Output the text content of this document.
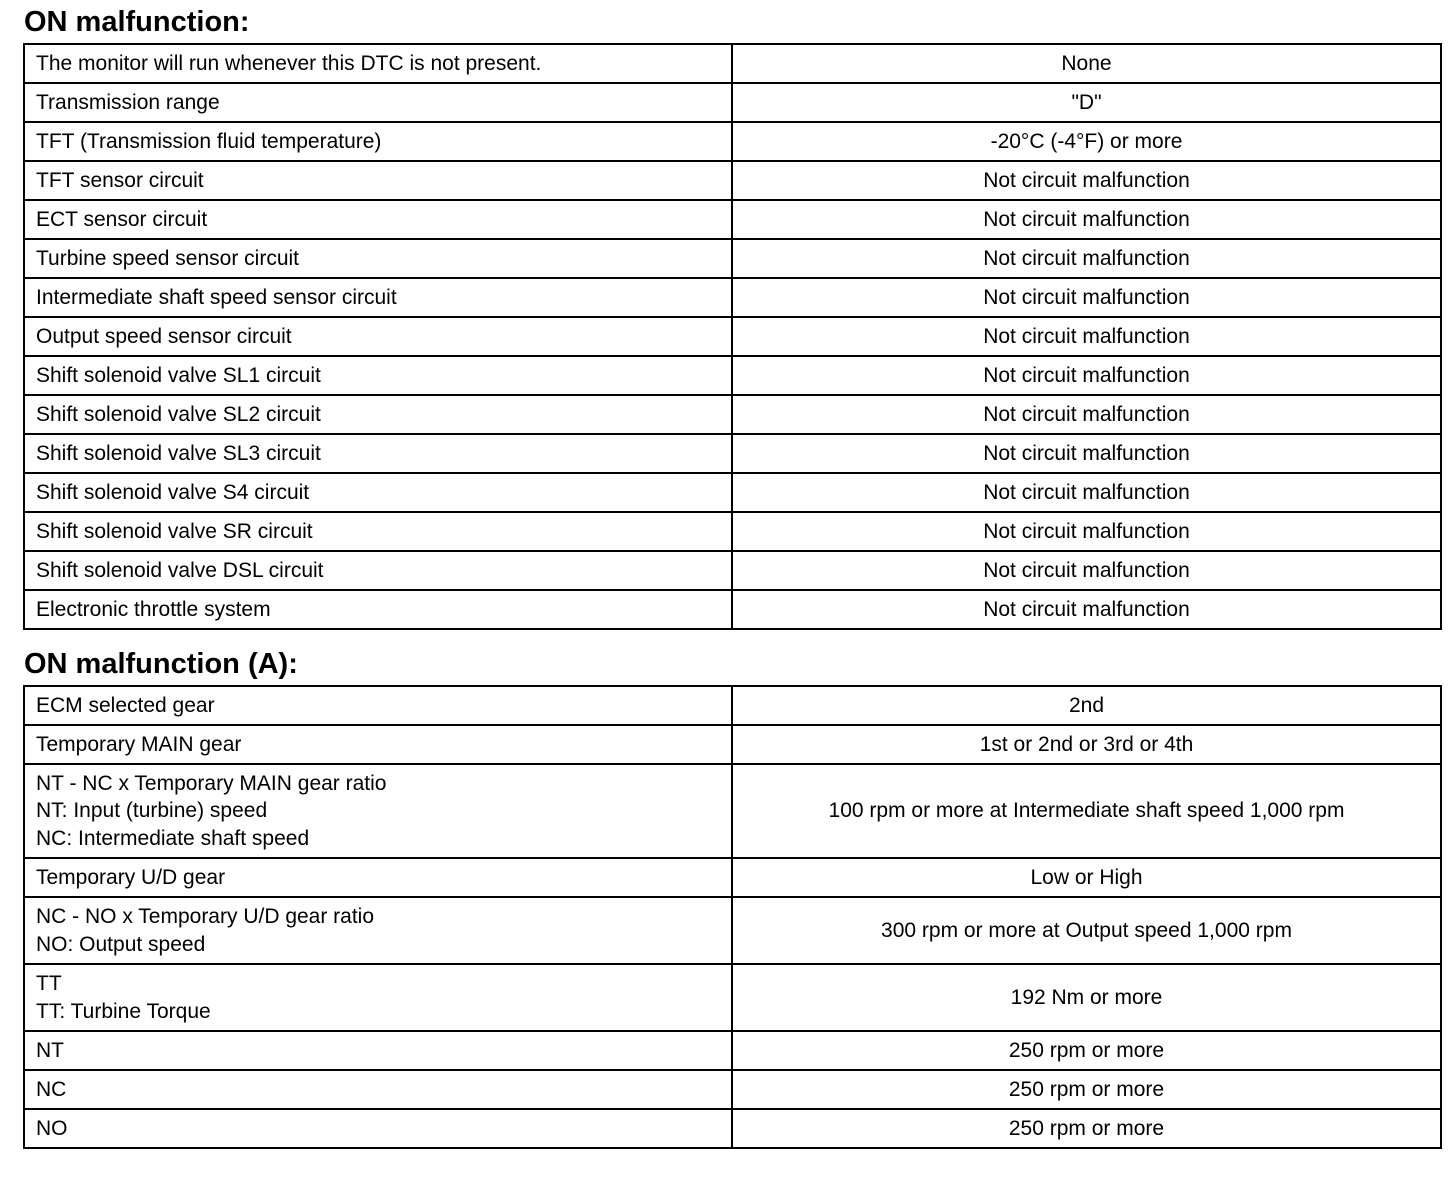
ON malfunction:
The monitor will run whenever this DTC is not present.	None
Transmission range	"D"
TFT (Transmission fluid temperature)	-20°C (-4°F) or more
TFT sensor circuit	Not circuit malfunction
ECT sensor circuit	Not circuit malfunction
Turbine speed sensor circuit	Not circuit malfunction
Intermediate shaft speed sensor circuit	Not circuit malfunction
Output speed sensor circuit	Not circuit malfunction
Shift solenoid valve SL1 circuit	Not circuit malfunction
Shift solenoid valve SL2 circuit	Not circuit malfunction
Shift solenoid valve SL3 circuit	Not circuit malfunction
Shift solenoid valve S4 circuit	Not circuit malfunction
Shift solenoid valve SR circuit	Not circuit malfunction
Shift solenoid valve DSL circuit	Not circuit malfunction
Electronic throttle system	Not circuit malfunction
ON malfunction (A):
ECM selected gear	2nd

Temporary MAIN gear	1st or 2nd or 3rd or 4th

NT - NC x Temporary MAIN gear ratio
NT: Input (turbine) speed
NC: Intermediate shaft speed	100 rpm or more at Intermediate shaft speed 1,000 rpm

Temporary U/D gear	Low or High

NC - NO x Temporary U/D gear ratio
NO: Output speed	300 rpm or more at Output speed 1,000 rpm

TT
TT: Turbine Torque	192 Nm or more

NT	250 rpm or more

NC	250 rpm or more

NO	250 rpm or more
